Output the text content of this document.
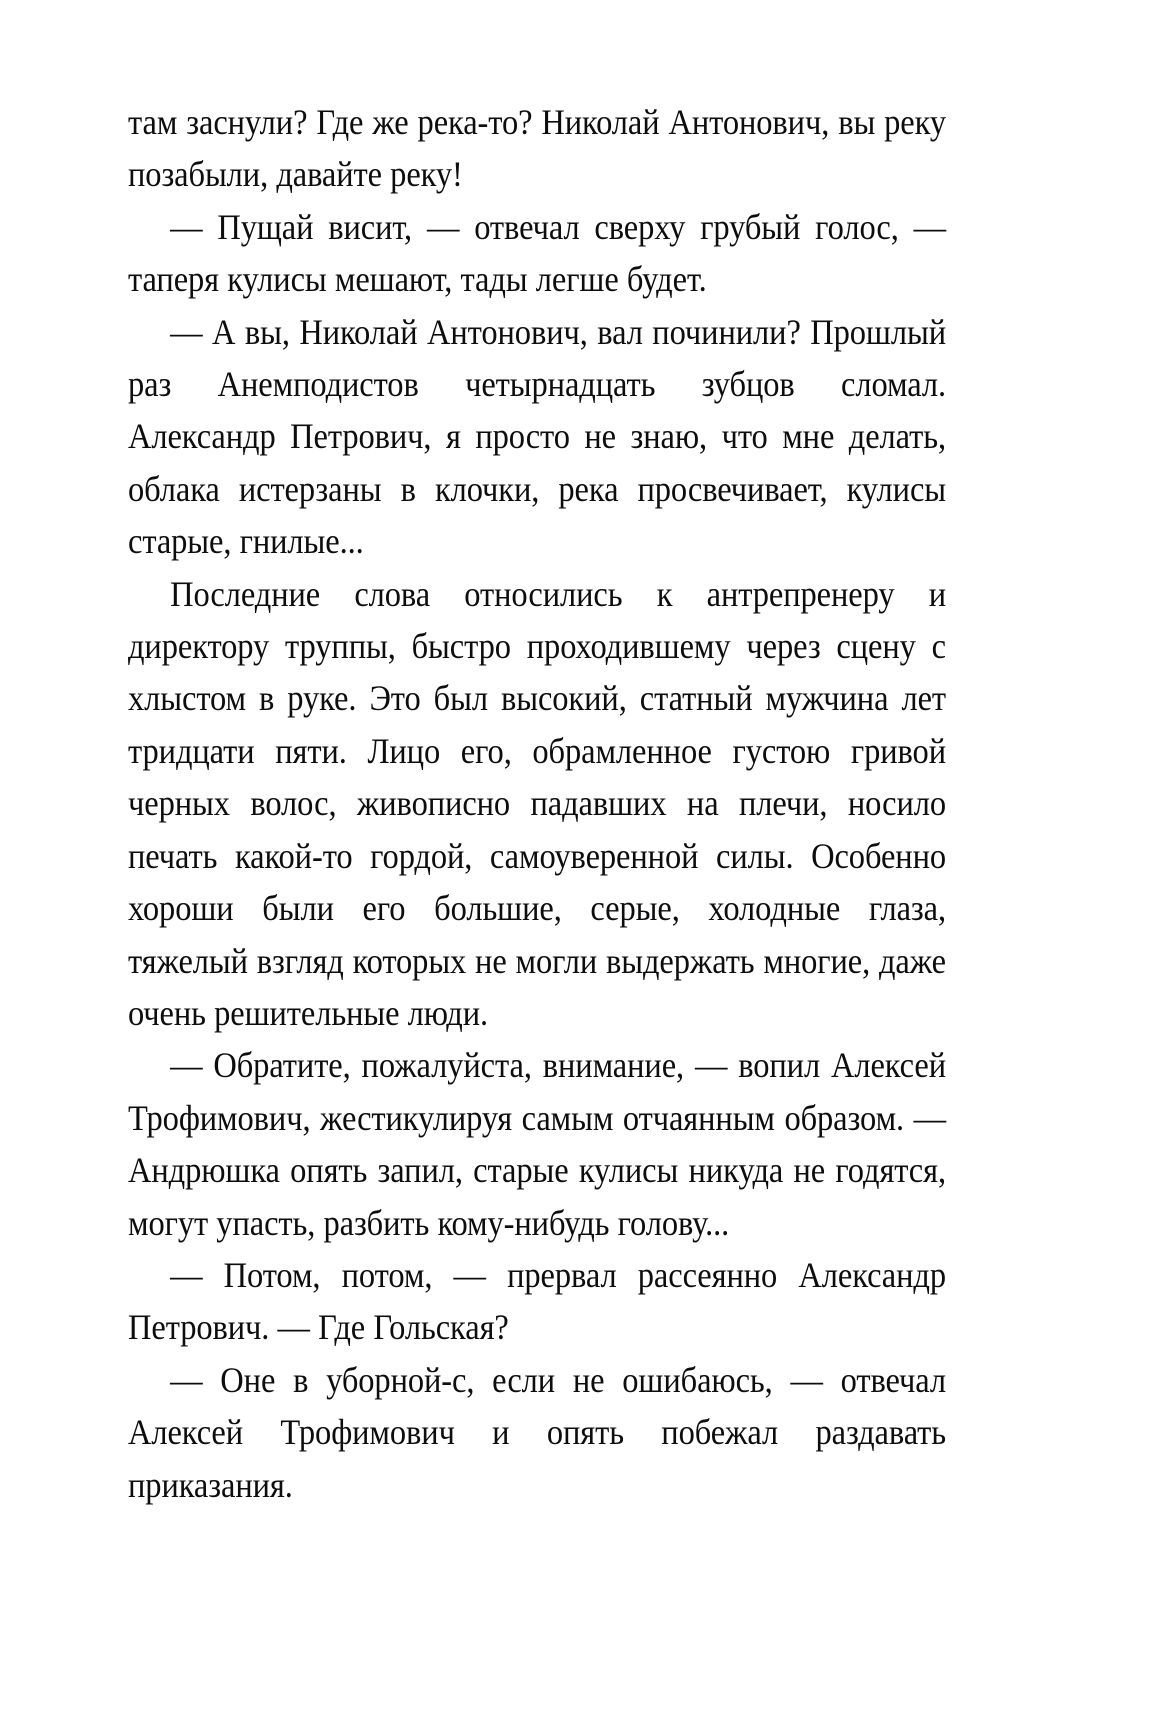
там заснули? Где же река-то? Николай Антонович, вы реку позабыли, давайте реку!

— Пущай висит, — отвечал сверху грубый голос, — таперя кулисы мешают, тады легше будет.

— А вы, Николай Антонович, вал починили? Прошлый раз Анемподистов четырнадцать зубцов сломал. Александр Петрович, я просто не знаю, что мне делать, облака истерзаны в клочки, река просвечивает, кулисы старые, гнилые...

Последние слова относились к антрепренеру и директору труппы, быстро проходившему через сцену с хлыстом в руке. Это был высокий, статный мужчина лет тридцати пяти. Лицо его, обрамленное густою гривой черных волос, живописно падавших на плечи, носило печать какой-то гордой, самоуверенной силы. Особенно хороши были его большие, серые, холодные глаза, тяжелый взгляд которых не могли выдержать многие, даже очень решительные люди.

— Обратите, пожалуйста, внимание, — вопил Алексей Трофимович, жестикулируя самым отчаянным образом. — Андрюшка опять запил, старые кулисы никуда не годятся, могут упасть, разбить кому-нибудь голову...

— Потом, потом, — прервал рассеянно Александр Петрович. — Где Гольская?

— Оне в уборной-с, если не ошибаюсь, — отвечал Алексей Трофимович и опять побежал раздавать приказания.
